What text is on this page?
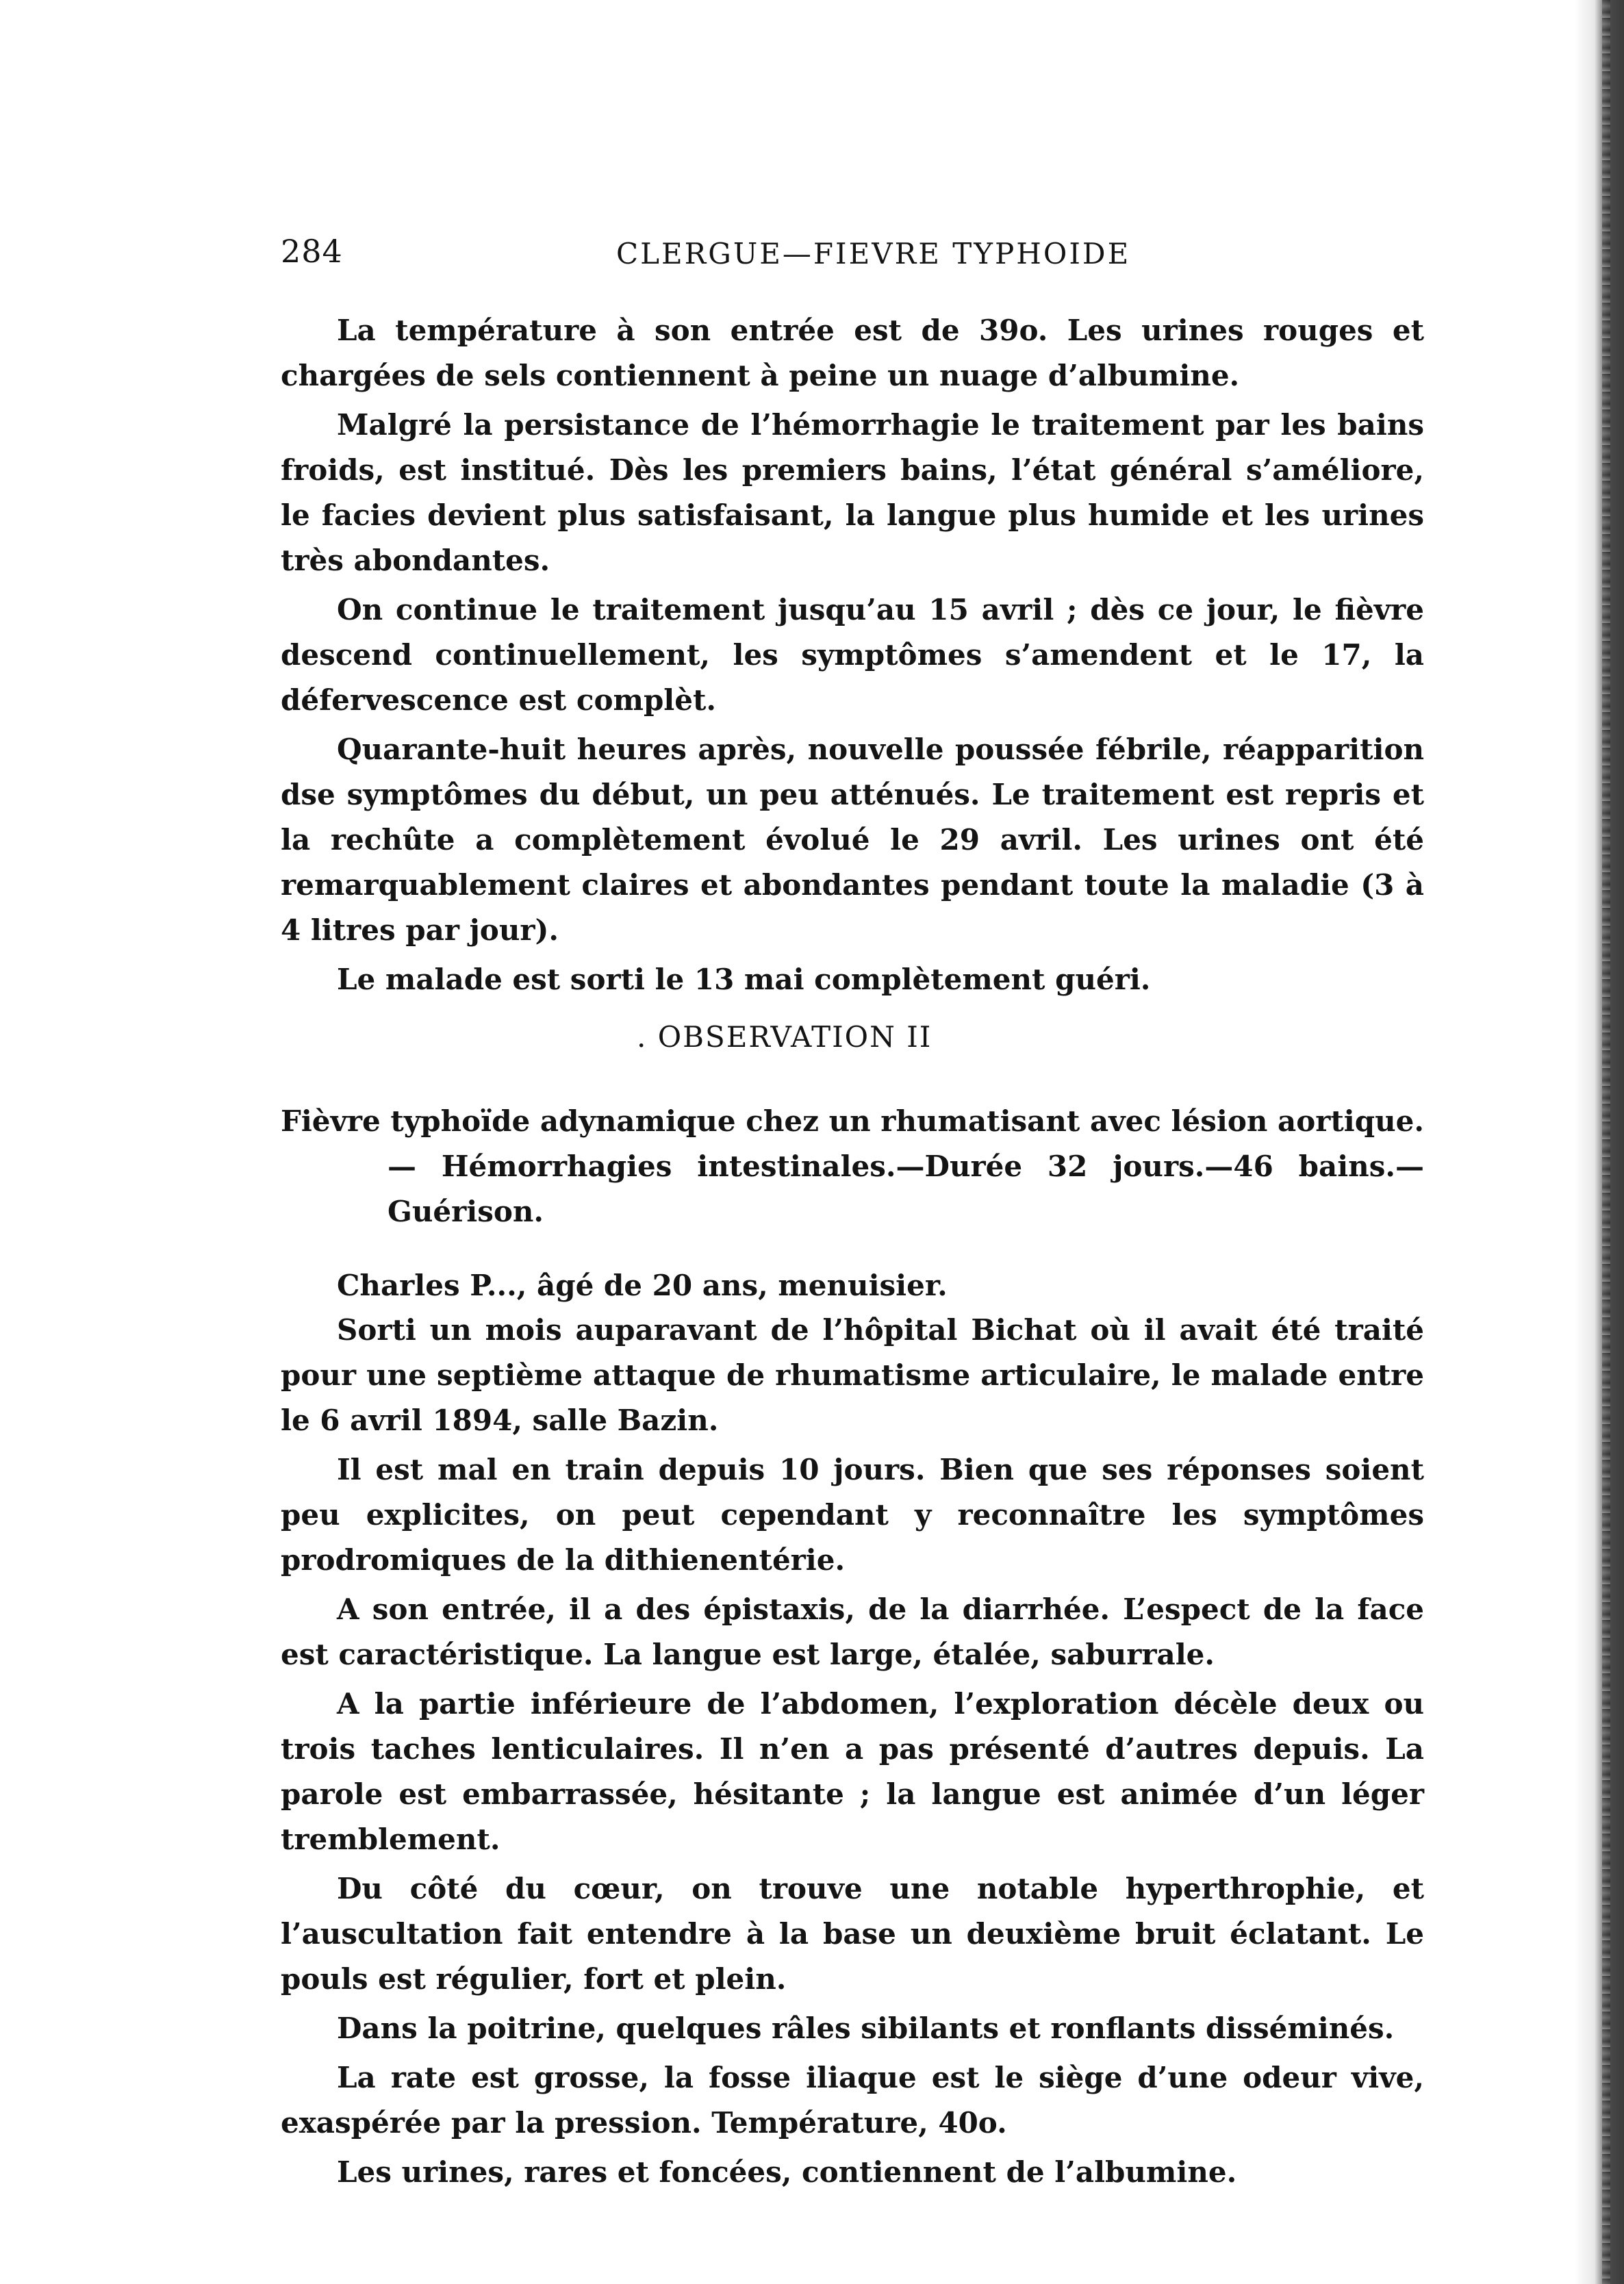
284	CLERGUE—FIEVRE TYPHOIDE

La température à son entrée est de 39o. Les urines rouges et chargées de sels contiennent à peine un nuage d’albumine.

Malgré la persistance de l’hémorrhagie le traitement par les bains froids, est institué. Dès les premiers bains, l’état général s’améliore, le facies devient plus satisfaisant, la langue plus humide et les urines très abondantes.

On continue le traitement jusqu’au 15 avril ; dès ce jour, le fièvre descend continuellement, les symptômes s’amendent et le 17, la défervescence est complèt.

Quarante-huit heures après, nouvelle poussée fébrile, réapparition dse symptômes du début, un peu atténués. Le traitement est repris et la rechûte a complètement évolué le 29 avril. Les urines ont été remarquablement claires et abondantes pendant toute la maladie (3 à 4 litres par jour).

Le malade est sorti le 13 mai complètement guéri.

. OBSERVATION II
Fièvre typhoïde adynamique chez un rhumatisant avec lésion aortique.— Hémorrhagies intestinales.—Durée 32 jours.—46 bains.—Guérison.
Charles P..., âgé de 20 ans, menuisier.

Sorti un mois auparavant de l’hôpital Bichat où il avait été traité pour une septième attaque de rhumatisme articulaire, le malade entre le 6 avril 1894, salle Bazin.

Il est mal en train depuis 10 jours. Bien que ses réponses soient peu explicites, on peut cependant y reconnaître les symptômes prodromiques de la dithienentérie.

A son entrée, il a des épistaxis, de la diarrhée. L’espect de la face est caractéristique. La langue est large, étalée, saburrale.

A la partie inférieure de l’abdomen, l’exploration décèle deux ou trois taches lenticulaires. Il n’en a pas présenté d’autres depuis. La parole est embarrassée, hésitante ; la langue est animée d’un léger tremblement.

Du côté du cœur, on trouve une notable hyperthrophie, et l’auscultation fait entendre à la base un deuxième bruit éclatant. Le pouls est régulier, fort et plein.

Dans la poitrine, quelques râles sibilants et ronflants disséminés.

La rate est grosse, la fosse iliaque est le siège d’une odeur vive, exaspérée par la pression. Température, 40o.

Les urines, rares et foncées, contiennent de l’albumine.
